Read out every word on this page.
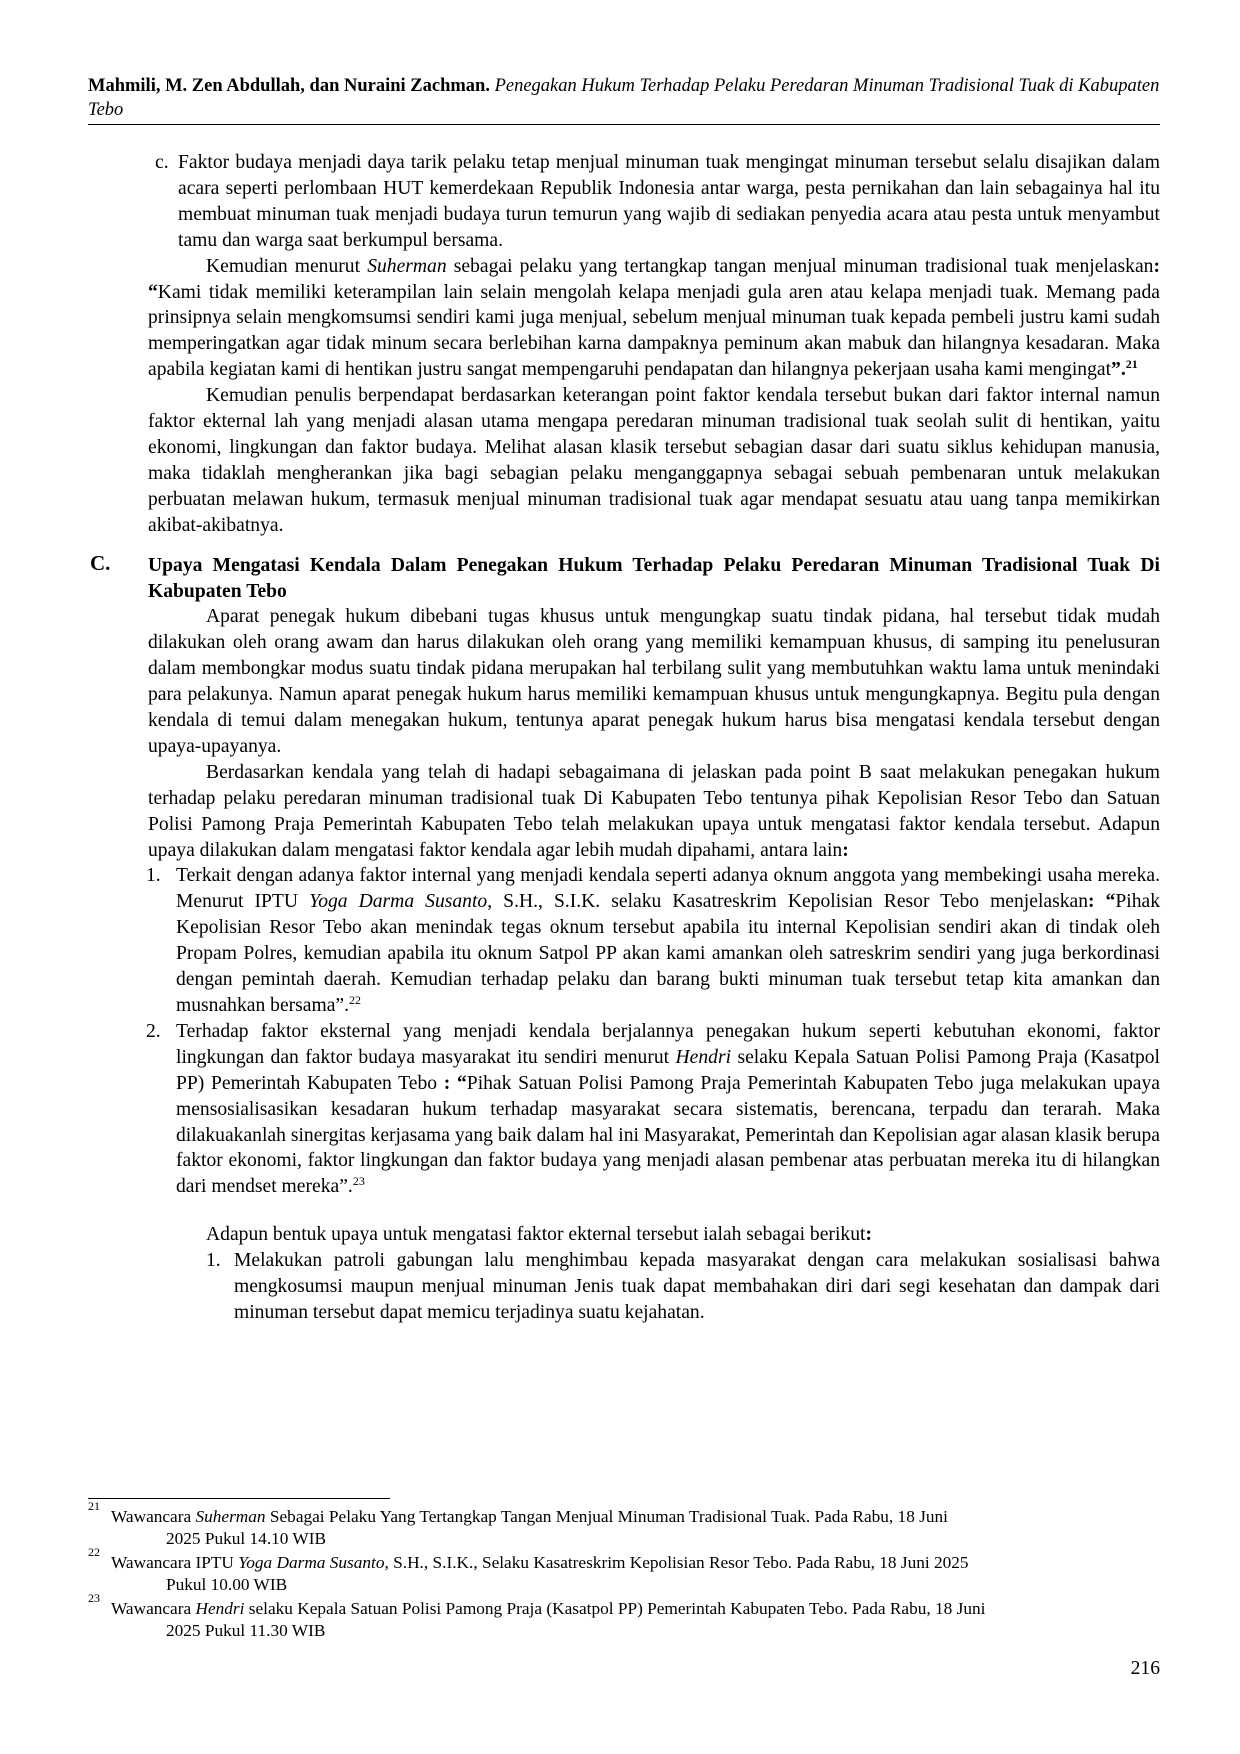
Mahmili, M. Zen Abdullah, dan Nuraini Zachman. Penegakan Hukum Terhadap Pelaku Peredaran Minuman Tradisional Tuak di Kabupaten Tebo
c. Faktor budaya menjadi daya tarik pelaku tetap menjual minuman tuak mengingat minuman tersebut selalu disajikan dalam acara seperti perlombaan HUT kemerdekaan Republik Indonesia antar warga, pesta pernikahan dan lain sebagainya hal itu membuat minuman tuak menjadi budaya turun temurun yang wajib di sediakan penyedia acara atau pesta untuk menyambut tamu dan warga saat berkumpul bersama.

Kemudian menurut Suherman sebagai pelaku yang tertangkap tangan menjual minuman tradisional tuak menjelaskan: “Kami tidak memiliki keterampilan lain selain mengolah kelapa menjadi gula aren atau kelapa menjadi tuak. Memang pada prinsipnya selain mengkomsumsi sendiri kami juga menjual, sebelum menjual minuman tuak kepada pembeli justru kami sudah memperingatkan agar tidak minum secara berlebihan karna dampaknya peminum akan mabuk dan hilangnya kesadaran. Maka apabila kegiatan kami di hentikan justru sangat mempengaruhi pendapatan dan hilangnya pekerjaan usaha kami mengingat”.$^{21}$

Kemudian penulis berpendapat berdasarkan keterangan point faktor kendala tersebut bukan dari faktor internal namun faktor ekternal lah yang menjadi alasan utama mengapa peredaran minuman tradisional tuak seolah sulit di hentikan, yaitu ekonomi, lingkungan dan faktor budaya. Melihat alasan klasik tersebut sebagian dasar dari suatu siklus kehidupan manusia, maka tidaklah mengherankan jika bagi sebagian pelaku menganggapnya sebagai sebuah pembenaran untuk melakukan perbuatan melawan hukum, termasuk menjual minuman tradisional tuak agar mendapat sesuatu atau uang tanpa memikirkan akibat-akibatnya.

C. Upaya Mengatasi Kendala Dalam Penegakan Hukum Terhadap Pelaku Peredaran Minuman Tradisional Tuak Di Kabupaten Tebo

Aparat penegak hukum dibebani tugas khusus untuk mengungkap suatu tindak pidana, hal tersebut tidak mudah dilakukan oleh orang awam dan harus dilakukan oleh orang yang memiliki kemampuan khusus, di samping itu penelusuran dalam membongkar modus suatu tindak pidana merupakan hal terbilang sulit yang membutuhkan waktu lama untuk menindaki para pelakunya. Namun aparat penegak hukum harus memiliki kemampuan khusus untuk mengungkapnya. Begitu pula dengan kendala di temui dalam menegakan hukum, tentunya aparat penegak hukum harus bisa mengatasi kendala tersebut dengan upaya-upayanya.

Berdasarkan kendala yang telah di hadapi sebagaimana di jelaskan pada point B saat melakukan penegakan hukum terhadap pelaku peredaran minuman tradisional tuak Di Kabupaten Tebo tentunya pihak Kepolisian Resor Tebo dan Satuan Polisi Pamong Praja Pemerintah Kabupaten Tebo telah melakukan upaya untuk mengatasi faktor kendala tersebut. Adapun upaya dilakukan dalam mengatasi faktor kendala agar lebih mudah dipahami, antara lain:

1. Terkait dengan adanya faktor internal yang menjadi kendala seperti adanya oknum anggota yang membekingi usaha mereka. Menurut IPTU Yoga Darma Susanto, S.H., S.I.K. selaku Kasatreskrim Kepolisian Resor Tebo menjelaskan: “Pihak Kepolisian Resor Tebo akan menindak tegas oknum tersebut apabila itu internal Kepolisian sendiri akan di tindak oleh Propam Polres, kemudian apabila itu oknum Satpol PP akan kami amankan oleh satreskrim sendiri yang juga berkordinasi dengan pemintah daerah. Kemudian terhadap pelaku dan barang bukti minuman tuak tersebut tetap kita amankan dan musnahkan bersama”.$^{22}$
2. Terhadap faktor eksternal yang menjadi kendala berjalannya penegakan hukum seperti kebutuhan ekonomi, faktor lingkungan dan faktor budaya masyarakat itu sendiri menurut Hendri selaku Kepala Satuan Polisi Pamong Praja (Kasatpol PP) Pemerintah Kabupaten Tebo : “Pihak Satuan Polisi Pamong Praja Pemerintah Kabupaten Tebo juga melakukan upaya mensosialisasikan kesadaran hukum terhadap masyarakat secara sistematis, berencana, terpadu dan terarah. Maka dilakuakanlah sinergitas kerjasama yang baik dalam hal ini Masyarakat, Pemerintah dan Kepolisian agar alasan klasik berupa faktor ekonomi, faktor lingkungan dan faktor budaya yang menjadi alasan pembenar atas perbuatan mereka itu di hilangkan dari mendset mereka”.$^{23}$

Adapun bentuk upaya untuk mengatasi faktor ekternal tersebut ialah sebagai berikut:

1. Melakukan patroli gabungan lalu menghimbau kepada masyarakat dengan cara melakukan sosialisasi bahwa mengkosumsi maupun menjual minuman Jenis tuak dapat membahakan diri dari segi kesehatan dan dampak dari minuman tersebut dapat memicu terjadinya suatu kejahatan.
21
Wawancara Suherman Sebagai Pelaku Yang Tertangkap Tangan Menjual Minuman Tradisional Tuak. Pada Rabu, 18 Juni
2025 Pukul 14.10 WIB
22
Wawancara IPTU Yoga Darma Susanto, S.H., S.I.K., Selaku Kasatreskrim Kepolisian Resor Tebo. Pada Rabu, 18 Juni 2025
Pukul 10.00 WIB
23
Wawancara Hendri selaku Kepala Satuan Polisi Pamong Praja (Kasatpol PP) Pemerintah Kabupaten Tebo. Pada Rabu, 18 Juni
2025 Pukul 11.30 WIB
216
